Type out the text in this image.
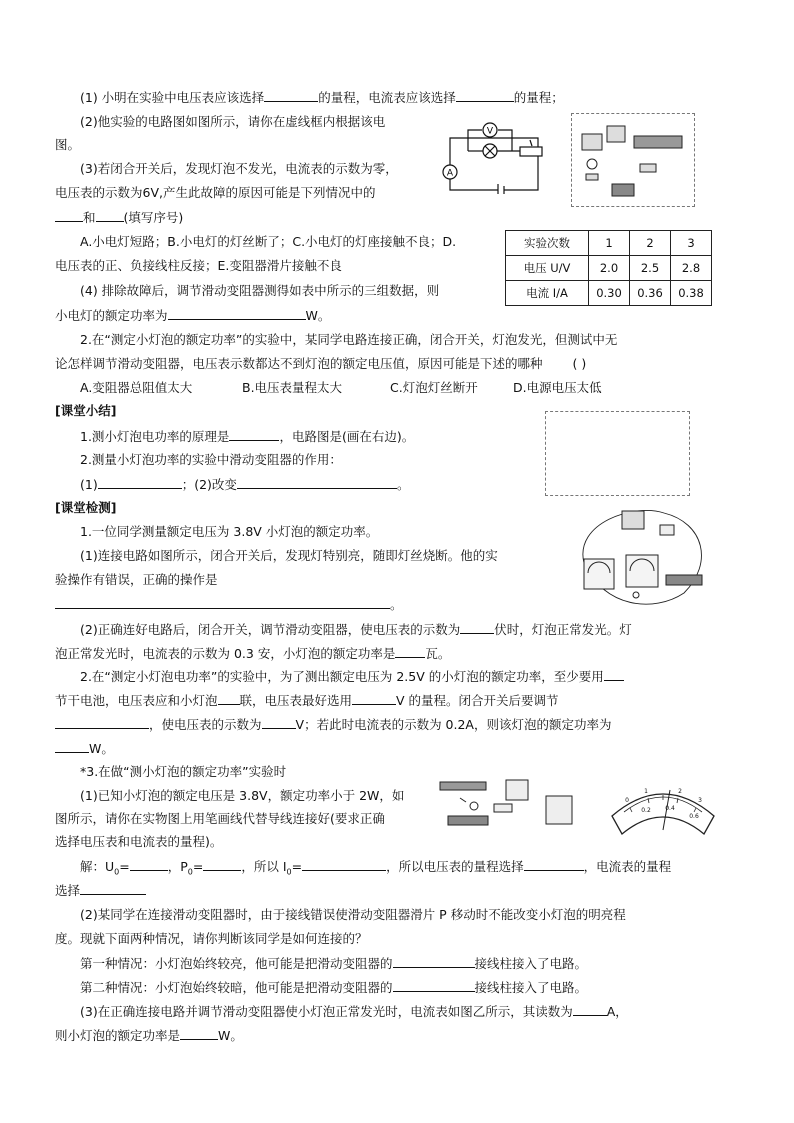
(1) 小明在实验中电压表应该选择	的量程，电流表应该选择	的量程；
(2)他实验的电路图如图所示，请你在虚线框内根据该电
图。
(3)若闭合开关后，发现灯泡不发光，电流表的示数为零，
电压表的示数为6V,产生此故障的原因可能是下列情况中的
和 (填写序号)
A.小电灯短路；B.小电灯的灯丝断了；C.小电灯的灯座接触不良；D.
电压表的正、负接线柱反接；E.变阻器滑片接触不良
(4) 排除故障后，调节滑动变阻器测得如表中所示的三组数据，则
小电灯的额定功率为	W。
V
A
实验次数	1	2	3
电压 U/V	2.0	2.5	2.8
电流 I/A	0.30	0.36	0.38
2.在“测定小灯泡的额定功率”的实验中，某同学电路连接正确，闭合开关，灯泡发光，但测试中无
论怎样调节滑动变阻器，电压表示数都达不到灯泡的额定电压值，原因可能是下述的哪种 ( )
A.变阻器总阻值太大	B.电压表量程太大	C.灯泡灯丝断开	D.电源电压太低
[课堂小结]
1.测小灯泡电功率的原理是	，电路图是(画在右边)。
2.测量小灯泡功率的实验中滑动变阻器的作用：
(1)	；(2)改变	。
[课堂检测]
1.一位同学测量额定电压为 3.8V 小灯泡的额定功率。
(1)连接电路如图所示，闭合开关后，发现灯特别亮，随即灯丝烧断。他的实
验操作有错误，正确的操作是
。
(2)正确连好电路后，闭合开关，调节滑动变阻器，使电压表的示数为	伏时，灯泡正常发光。灯
泡正常发光时，电流表的示数为 0.3 安，小灯泡的额定功率是 瓦。
2.在“测定小灯泡电功率”的实验中，为了测出额定电压为 2.5V 的小灯泡的额定功率，至少要用
节干电池，电压表应和小灯泡 联，电压表最好选用	V 的量程。闭合开关后要调节
，使电压表的示数为	V；若此时电流表的示数为 0.2A，则该灯泡的额定功率为
W。
*3.在做“测小灯泡的额定功率”实验时
(1)已知小灯泡的额定电压是 3.8V，额定功率小于 2W，如
图所示，请你在实物图上用笔画线代替导线连接好(要求正确
选择电压表和电流表的量程)。
0
1	2
3
0.2 0.4
0.6
解：$U_0=$	，$P_0=$	，所以 $I_0=$	，所以电压表的量程选择	，电流表的量程
选择
(2)某同学在连接滑动变阻器时，由于接线错误使滑动变阻器滑片 P 移动时不能改变小灯泡的明亮程
度。现就下面两种情况，请你判断该同学是如何连接的？
第一种情况：小灯泡始终较亮，他可能是把滑动变阻器的	接线柱接入了电路。
第二种情况：小灯泡始终较暗，他可能是把滑动变阻器的	接线柱接入了电路。
(3)在正确连接电路并调节滑动变阻器使小灯泡正常发光时，电流表如图乙所示，其读数为	A，
则小灯泡的额定功率是	W。
